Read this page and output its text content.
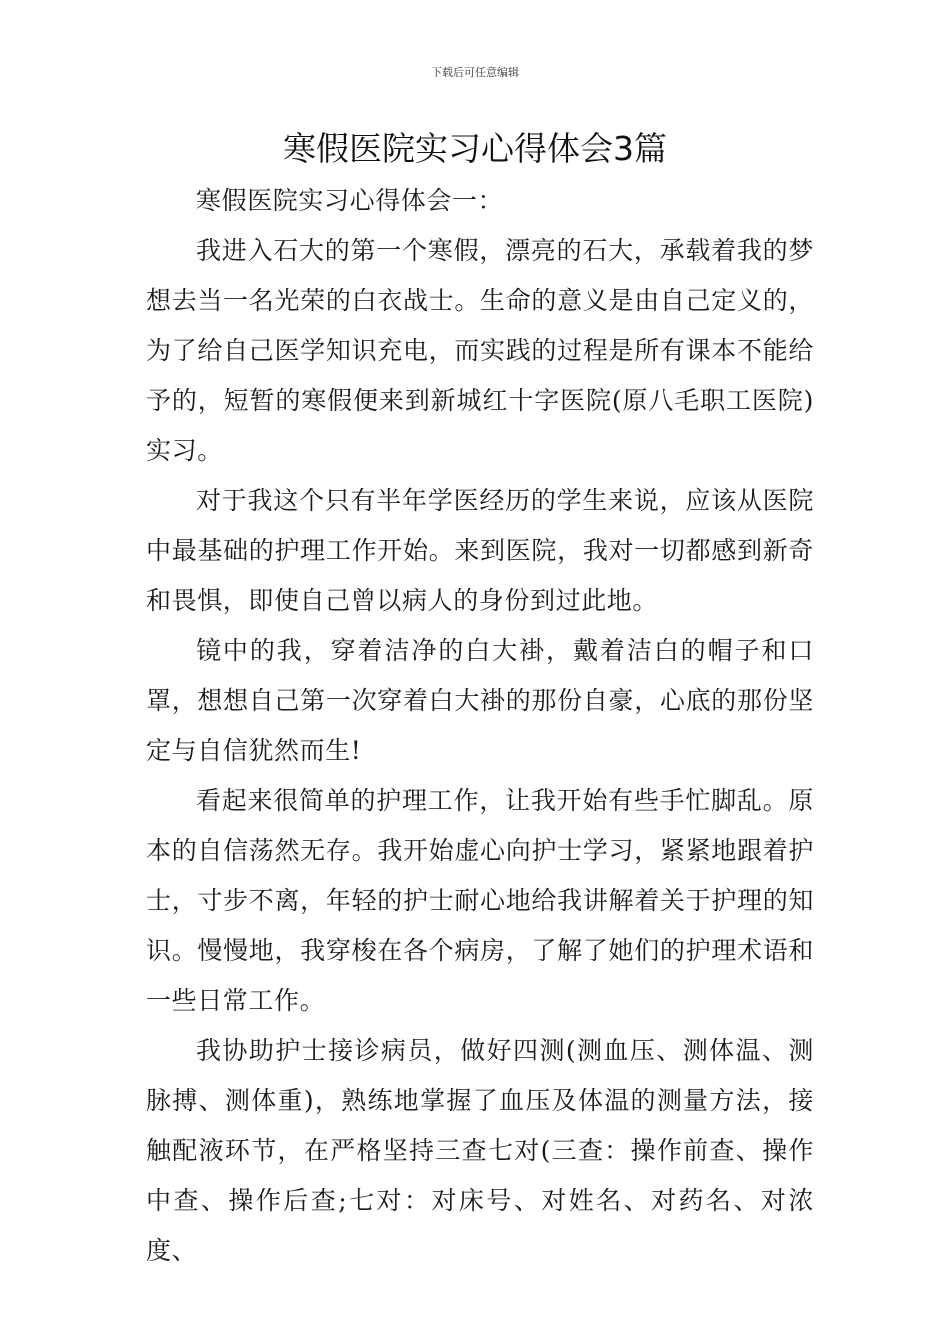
下载后可任意编辑
寒假医院实习心得体会3篇

寒假医院实习心得体会一：

我进入石大的第一个寒假，漂亮的石大，承载着我的梦想去当一名光荣的白衣战士。生命的意义是由自己定义的，为了给自己医学知识充电，而实践的过程是所有课本不能给予的，短暂的寒假便来到新城红十字医院(原八毛职工医院)实习。

对于我这个只有半年学医经历的学生来说，应该从医院中最基础的护理工作开始。来到医院，我对一切都感到新奇和畏惧，即使自己曾以病人的身份到过此地。

镜中的我，穿着洁净的白大褂，戴着洁白的帽子和口罩，想想自己第一次穿着白大褂的那份自豪，心底的那份坚定与自信犹然而生!

看起来很简单的护理工作，让我开始有些手忙脚乱。原本的自信荡然无存。我开始虚心向护士学习，紧紧地跟着护士，寸步不离，年轻的护士耐心地给我讲解着关于护理的知识。慢慢地，我穿梭在各个病房，了解了她们的护理术语和一些日常工作。

我协助护士接诊病员，做好四测(测血压、测体温、测脉搏、测体重)，熟练地掌握了血压及体温的测量方法，接触配液环节，在严格坚持三查七对(三查：操作前查、操作中查、操作后查;七对：对床号、对姓名、对药名、对浓度、
